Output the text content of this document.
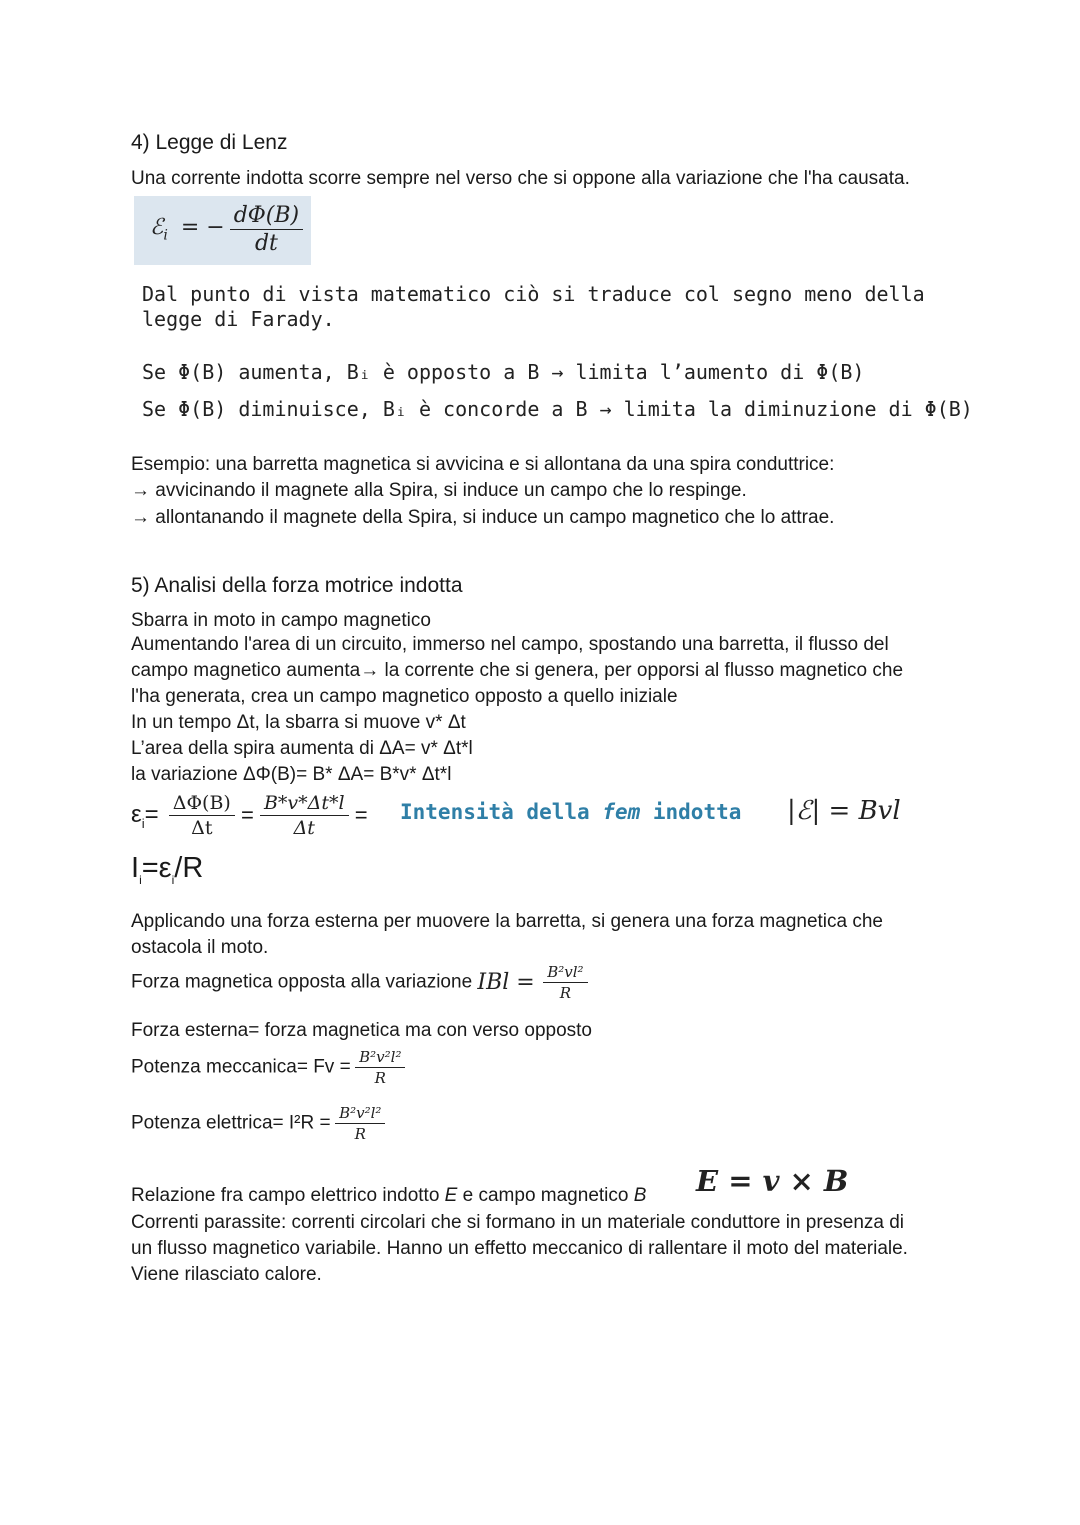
4) Legge di Lenz
Una corrente indotta scorre sempre nel verso che si oppone alla variazione che l'ha causata.
ℰ$_i$ = − $\frac{d\Phi(B)}{dt}$
Dal punto di vista matematico ciò si traduce col segno meno della
legge di Farady.
Se Φ(B) aumenta, Bᵢ è opposto a B → limita l’aumento di Φ(B)
Se Φ(B) diminuisce, Bᵢ è concorde a B → limita la diminuzione di Φ(B)
Esempio: una barretta magnetica si avvicina e si allontana da una spira conduttrice:
→ avvicinando il magnete alla Spira, si induce un campo che lo respinge.
→ allontanando il magnete della Spira, si induce un campo magnetico che lo attrae.
5) Analisi della forza motrice indotta
Sbarra in moto in campo magnetico
Aumentando l'area di un circuito, immerso nel campo, spostando una barretta, il flusso del
campo magnetico aumenta→ la corrente che si genera, per opporsi al flusso magnetico che
l'ha generata, crea un campo magnetico opposto a quello iniziale
In un tempo Δt, la sbarra si muove v* Δt
L’area della spira aumenta di ΔA= v* Δt*l
la variazione ΔΦ(B)= B* ΔA= B*v* Δt*l
$\varepsilon_i= \frac{\Delta\Phi(B)}{\Delta t} = \frac{B*v*\Delta t*l}{\Delta t}$ = Intensità della fem indotta |ℰ| = Bvl
$I_i=\varepsilon_i/R$
Applicando una forza esterna per muovere la barretta, si genera una forza magnetica che
ostacola il moto.
Forza magnetica opposta alla variazione IBl = $\frac{\text{B²vl²}}{R}$
Forza esterna= forza magnetica ma con verso opposto
Potenza meccanica= $Fv = \frac{\text{B²v²l²}}{R}$
Potenza elettrica= $I^2R = \frac{\text{B²v²l²}}{R}$
Relazione fra campo elettrico indotto E e campo magnetico B E = v × B
Correnti parassite: correnti circolari che si formano in un materiale conduttore in presenza di
un flusso magnetico variabile. Hanno un effetto meccanico di rallentare il moto del materiale.
Viene rilasciato calore.
